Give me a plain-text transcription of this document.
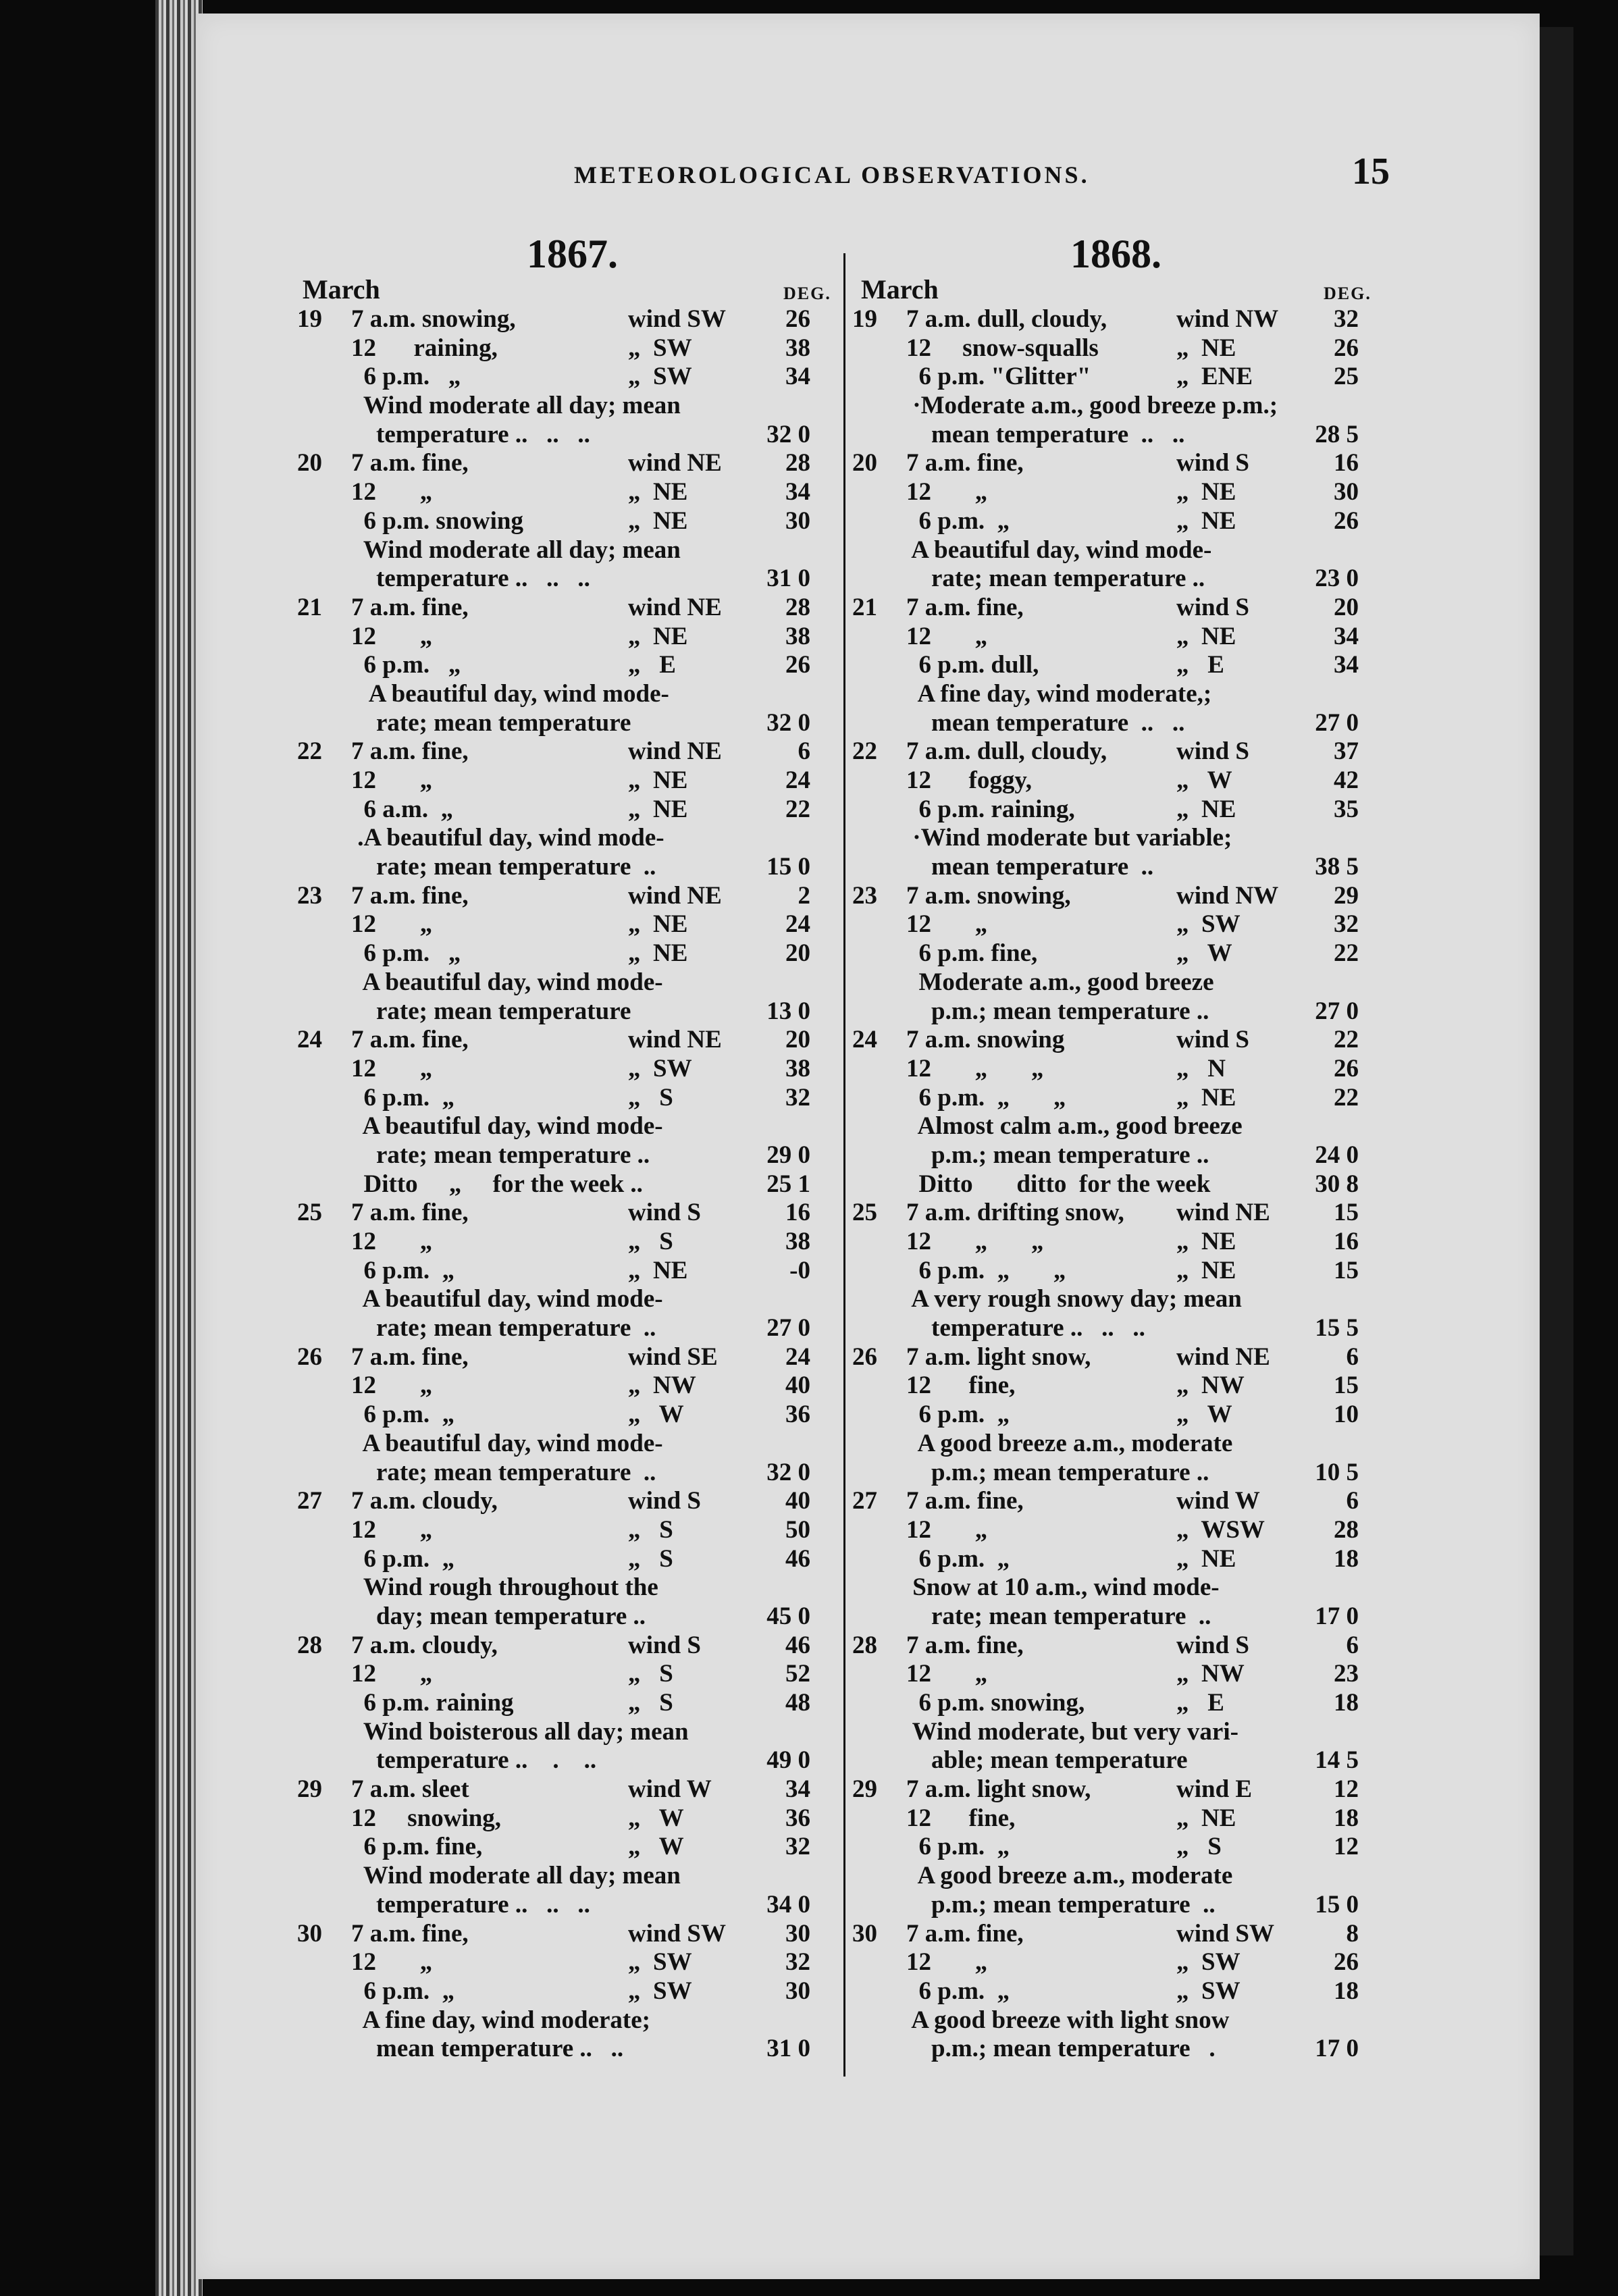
METEOROLOGICAL OBSERVATIONS.	15
1867.
March	DEG.
1868.
March	DEG.
19 7 a.m. snowing,	wind SW	26
12      raining,	„  SW	38
6 p.m.   „	„  SW	34
Wind moderate all day; mean
temperature ..   ..   ..	32 0
20 7 a.m. fine,	wind NE	28
12       „	„  NE	34
6 p.m. snowing	„  NE	30
Wind moderate all day; mean
temperature ..   ..   ..	31 0
21 7 a.m. fine,	wind NE	28
12       „	„  NE	38
6 p.m.   „	„   E	26
A beautiful day, wind mode-
rate; mean temperature	32 0
22 7 a.m. fine,	wind NE	6
12       „	„  NE	24
6 a.m.  „	„  NE	22
.A beautiful day, wind mode-
rate; mean temperature  ..	15 0
23 7 a.m. fine,	wind NE	2
12       „	„  NE	24
6 p.m.   „	„  NE	20
A beautiful day, wind mode-
rate; mean temperature	13 0
24 7 a.m. fine,	wind NE	20
12       „	„  SW	38
6 p.m.  „	„   S	32
A beautiful day, wind mode-
rate; mean temperature ..	29 0
Ditto     „     for the week ..	25 1
25 7 a.m. fine,	wind S	16
12       „	„   S	38
6 p.m.  „	„  NE	-0
A beautiful day, wind mode-
rate; mean temperature  ..	27 0
26 7 a.m. fine,	wind SE	24
12       „	„  NW	40
6 p.m.  „	„   W	36
A beautiful day, wind mode-
rate; mean temperature  ..	32 0
27 7 a.m. cloudy,	wind S	40
12       „	„   S	50
6 p.m.  „	„   S	46
Wind rough throughout the
day; mean temperature ..	45 0
28 7 a.m. cloudy,	wind S	46
12       „	„   S	52
6 p.m. raining	„   S	48
Wind boisterous all day; mean
temperature ..    .    ..	49 0
29 7 a.m. sleet	wind W	34
12     snowing,	„   W	36
6 p.m. fine,	„   W	32
Wind moderate all day; mean
temperature ..   ..   ..	34 0
30 7 a.m. fine,	wind SW	30
12       „	„  SW	32
6 p.m.  „	„  SW	30
A fine day, wind moderate;
mean temperature ..   ..	31 0
19 7 a.m. dull, cloudy,	wind NW	32
12     snow-squalls	„  NE	26
6 p.m. "Glitter"	„  ENE	25
·Moderate a.m., good breeze p.m.;
mean temperature  ..   ..	28 5
20 7 a.m. fine,	wind S	16
12       „	„  NE	30
6 p.m.  „	„  NE	26
A beautiful day, wind mode-
rate; mean temperature ..	23 0
21 7 a.m. fine,	wind S	20
12       „	„  NE	34
6 p.m. dull,	„   E	34
A fine day, wind moderate,;
mean temperature  ..   ..	27 0
22 7 a.m. dull, cloudy,	wind S	37
12      foggy,	„   W	42
6 p.m. raining,	„  NE	35
·Wind moderate but variable;
mean temperature  ..	38 5
23 7 a.m. snowing,	wind NW	29
12       „	„  SW	32
6 p.m. fine,	„   W	22
Moderate a.m., good breeze
p.m.; mean temperature ..	27 0
24 7 a.m. snowing	wind S	22
12       „       „	„   N	26
6 p.m.  „       „	„  NE	22
Almost calm a.m., good breeze
p.m.; mean temperature ..	24 0
Ditto       ditto  for the week	30 8
25 7 a.m. drifting snow, wind NE	15
12       „       „	„  NE	16
6 p.m.  „       „	„  NE	15
A very rough snowy day; mean
temperature ..   ..   ..	15 5
26 7 a.m. light snow,	wind NE	6
12      fine,	„  NW	15
6 p.m.  „	„   W	10
A good breeze a.m., moderate
p.m.; mean temperature ..	10 5
27 7 a.m. fine,	wind W	6
12       „	„  WSW	28
6 p.m.  „	„  NE	18
Snow at 10 a.m., wind mode-
rate; mean temperature  ..	17 0
28 7 a.m. fine,	wind S	6
12       „	„  NW	23
6 p.m. snowing,	„   E	18
Wind moderate, but very vari-
able; mean temperature	14 5
29 7 a.m. light snow,	wind E	12
12      fine,	„  NE	18
6 p.m.  „	„   S	12
A good breeze a.m., moderate
p.m.; mean temperature  ..	15 0
30 7 a.m. fine,	wind SW	8
12       „	„  SW	26
6 p.m.  „	„  SW	18
A good breeze with light snow
p.m.; mean temperature   .	17 0
